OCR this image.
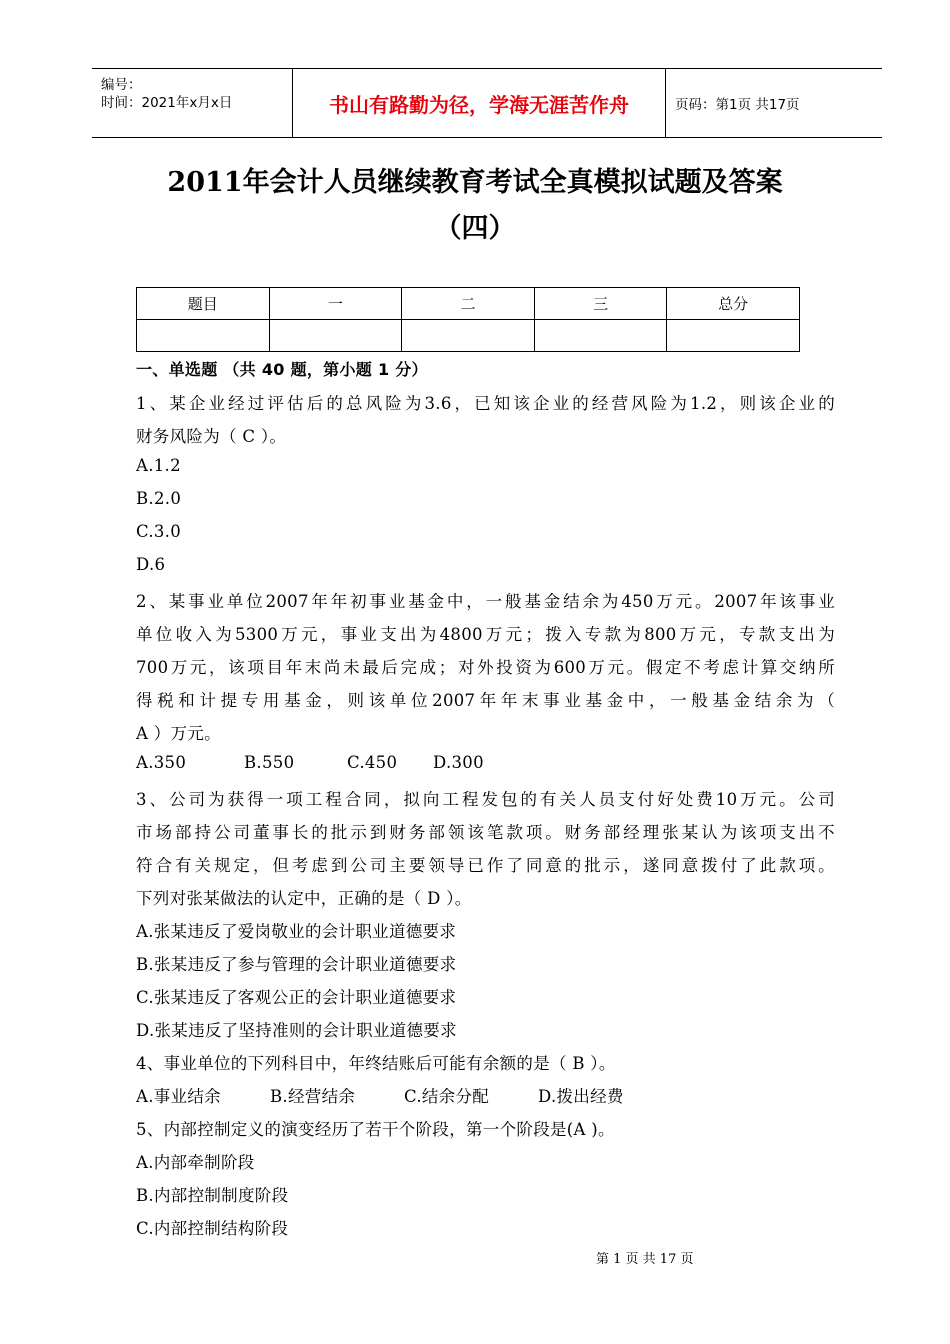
编号：
时间：2021年x月x日	书山有路勤为径，学海无涯苦作舟	页码：第1页 共17页
2011年会计人员继续教育考试全真模拟试题及答案
（四）
题目	一	二	三	总分

一、单选题 （共 40 题，第小题 1 分）
1、某企业经过评估后的总风险为3.6，已知该企业的经营风险为1.2，则该企业的
财务风险为（ C ）。
A.1.2
B.2.0
C.3.0
D.6
2、某事业单位2007年年初事业基金中，一般基金结余为450万元。2007年该事业
单位收入为5300万元，事业支出为4800万元；拨入专款为800万元，专款支出为
700万元，该项目年末尚未最后完成；对外投资为600万元。假定不考虑计算交纳所
得税和计提专用基金，则该单位2007年年末事业基金中，一般基金结余为（
A ）万元。
A.350	B.550	C.450 D.300
3、公司为获得一项工程合同，拟向工程发包的有关人员支付好处费10万元。公司
市场部持公司董事长的批示到财务部领该笔款项。财务部经理张某认为该项支出不
符合有关规定，但考虑到公司主要领导已作了同意的批示，遂同意拨付了此款项。
下列对张某做法的认定中，正确的是（ D ）。
A.张某违反了爱岗敬业的会计职业道德要求
B.张某违反了参与管理的会计职业道德要求
C.张某违反了客观公正的会计职业道德要求
D.张某违反了坚持准则的会计职业道德要求
4、事业单位的下列科目中，年终结账后可能有余额的是（ B ）。
A.事业结余	B.经营结余	C.结余分配	D.拨出经费
5、内部控制定义的演变经历了若干个阶段，第一个阶段是(A )。
A.内部牵制阶段
B.内部控制制度阶段
C.内部控制结构阶段
第 1 页 共 17 页
